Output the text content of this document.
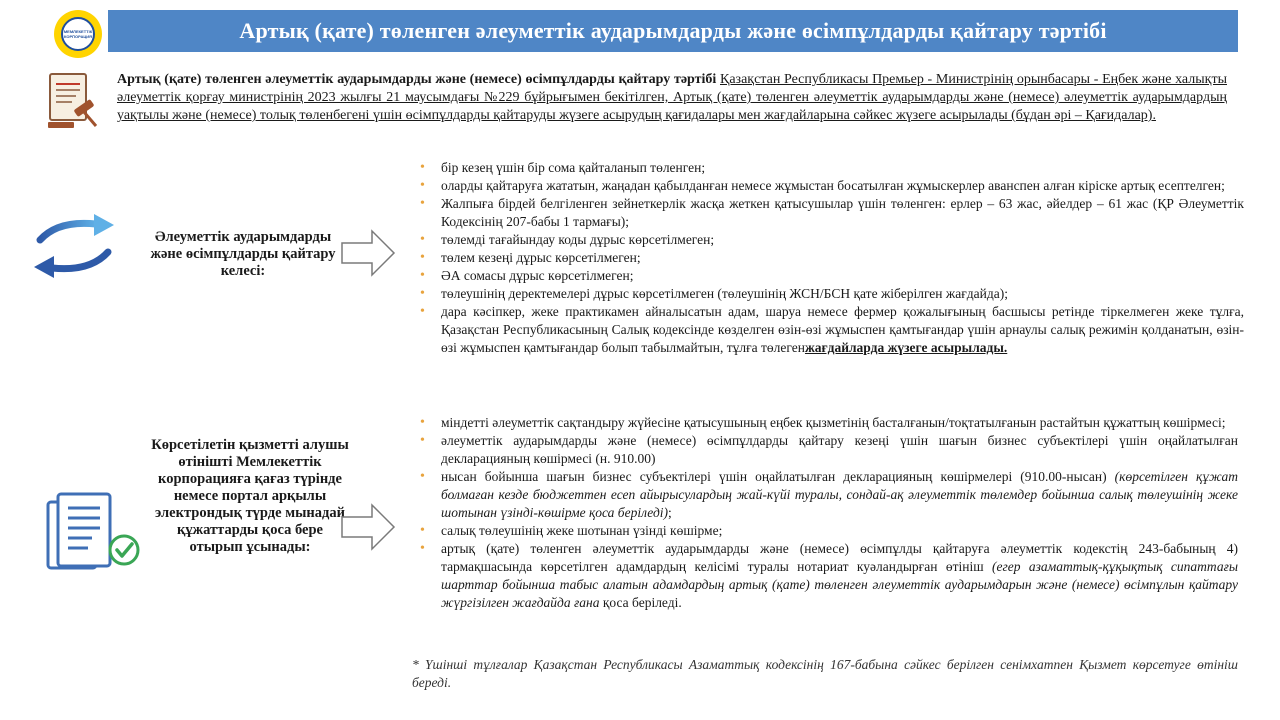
МЕМЛЕКЕТТІК КОРПОРАЦИЯ	Артық (қате) төленген әлеуметтік аударымдарды және өсімпұлдарды қайтару тәртібі
Артық (қате) төленген әлеуметтік аударымдарды және (немесе) өсімпұлдарды қайтару тәртібі Қазақстан Республикасы Премьер - Министрінің орынбасары - Еңбек және халықты әлеуметтік қорғау министрінің 2023 жылғы 21 маусымдағы №229 бұйрығымен бекітілген, Артық (қате) төленген әлеуметтік аударымдарды және (немесе) әлеуметтік аударымдардың уақтылы және (немесе) толық төленбегені үшін өсімпұлдарды қайтаруды жүзеге асырудың қағидалары мен жағдайларына сәйкес жүзеге асырылады (бұдан әрі – Қағидалар).
Әлеуметтік аударымдарды және өсімпұлдарды қайтару келесі:
• бір кезең үшін бір сома қайталанып төленген;
• оларды қайтаруға жататын, жаңадан қабылданған немесе жұмыстан босатылған жұмыскерлер аванспен алған кіріске артық есептелген;
• Жалпыға бірдей белгіленген зейнеткерлік жасқа жеткен қатысушылар үшін төленген: ерлер – 63 жас, әйелдер – 61 жас (ҚР Әлеуметтік Кодексінің 207-бабы 1 тармағы);
• төлемді тағайындау коды дұрыс көрсетілмеген;
• төлем кезеңі дұрыс көрсетілмеген;
• ӘА сомасы дұрыс көрсетілмеген;
• төлеушінің деректемелері дұрыс көрсетілмеген (төлеушінің ЖСН/БСН қате жіберілген жағдайда);
• дара кәсіпкер, жеке практикамен айналысатын адам, шаруа немесе фермер қожалығының басшысы ретінде тіркелмеген жеке тұлға, Қазақстан Республикасының Салық кодексінде көзделген өзін-өзі жұмыспен қамтығандар үшін арнаулы салық режимін қолданатын, өзін-өзі жұмыспен қамтығандар болып табылмайтын, тұлға төлегенжағдайларда жүзеге асырылады.
Көрсетілетін қызметті алушы өтінішті Мемлекеттік корпорацияға қағаз түрінде немесе портал арқылы электрондық түрде мынадай құжаттарды қоса бере отырып ұсынады:
• міндетті әлеуметтік сақтандыру жүйесіне қатысушының еңбек қызметінің басталғанын/тоқтатылғанын растайтын құжаттың көшірмесі;
• әлеуметтік аударымдарды және (немесе) өсімпұлдарды қайтару кезеңі үшін шағын бизнес субъектілері үшін оңайлатылған декларацияның көшірмесі (н. 910.00)
• нысан бойынша шағын бизнес субъектілері үшін оңайлатылған декларацияның көшірмелері (910.00-нысан) (көрсетілген құжат болмаған кезде бюджеттен есеп айырысулардың жай-күйі туралы, сондай-ақ әлеуметтік төлемдер бойынша салық төлеушінің жеке шотынан үзінді-көшірме қоса беріледі);
• салық төлеушінің жеке шотынан үзінді көшірме;
• артық (қате) төленген әлеуметтік аударымдарды және (немесе) өсімпұлды қайтаруға әлеуметтік кодекстің 243-бабының 4) тармақшасында көрсетілген адамдардың келісімі туралы нотариат куәландырған өтініш (егер азаматтық-құқықтық сипаттағы шарттар бойынша табыс алатын адамдардың артық (қате) төленген әлеуметтік аударымдарын және (немесе) өсімпұлын қайтару жүргізілген жағдайда ғана қоса беріледі.
* Үшінші тұлғалар Қазақстан Республикасы Азаматтық кодексінің 167-бабына сәйкес берілген сенімхатпен Қызмет көрсетуге өтініш береді.
